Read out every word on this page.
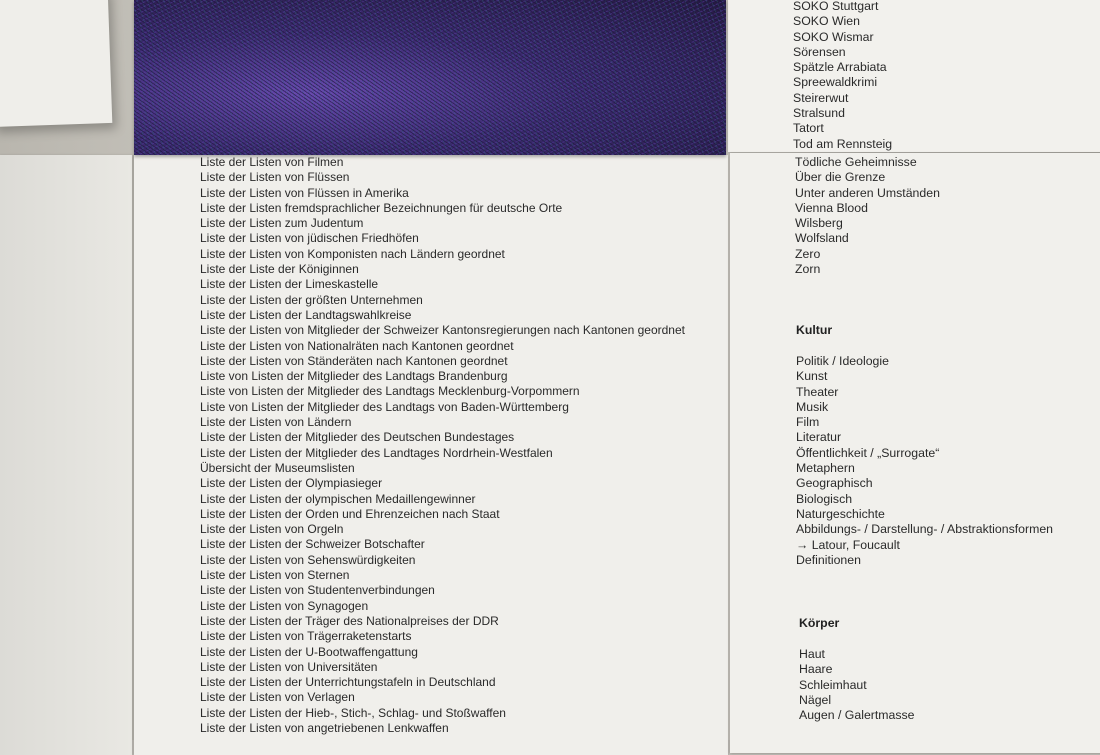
Liste der Listen von Filmen
Liste der Listen von Flüssen
Liste der Listen von Flüssen in Amerika
Liste der Listen fremdsprachlicher Bezeichnungen für deutsche Orte
Liste der Listen zum Judentum
Liste der Listen von jüdischen Friedhöfen
Liste der Listen von Komponisten nach Ländern geordnet
Liste der Liste der Königinnen
Liste der Listen der Limeskastelle
Liste der Listen der größten Unternehmen
Liste der Listen der Landtagswahlkreise
Liste der Listen von Mitglieder der Schweizer Kantonsregierungen nach Kantonen geordnet
Liste der Listen von Nationalräten nach Kantonen geordnet
Liste der Listen von Ständeräten nach Kantonen geordnet
Liste von Listen der Mitglieder des Landtags Brandenburg
Liste von Listen der Mitglieder des Landtags Mecklenburg-Vorpommern
Liste von Listen der Mitglieder des Landtags von Baden-Württemberg
Liste der Listen von Ländern
Liste der Listen der Mitglieder des Deutschen Bundestages
Liste der Listen der Mitglieder des Landtages Nordrhein-Westfalen
Übersicht der Museumslisten
Liste der Listen der Olympiasieger
Liste der Listen der olympischen Medaillengewinner
Liste der Listen der Orden und Ehrenzeichen nach Staat
Liste der Listen von Orgeln
Liste der Listen der Schweizer Botschafter
Liste der Listen von Sehenswürdigkeiten
Liste der Listen von Sternen
Liste der Listen von Studentenverbindungen
Liste der Listen von Synagogen
Liste der Listen der Träger des Nationalpreises der DDR
Liste der Listen von Trägerraketenstarts
Liste der Listen der U-Bootwaffengattung
Liste der Listen von Universitäten
Liste der Listen der Unterrichtungstafeln in Deutschland
Liste der Listen von Verlagen
Liste der Listen der Hieb-, Stich-, Schlag- und Stoßwaffen
Liste der Listen von angetriebenen Lenkwaffen
SOKO Stuttgart
SOKO Wien
SOKO Wismar
Sörensen
Spätzle Arrabiata
Spreewaldkrimi
Steirerwut
Stralsund
Tatort
Tod am Rennsteig
Tödliche Geheimnisse
Über die Grenze
Unter anderen Umständen
Vienna Blood
Wilsberg
Wolfsland
Zero
Zorn
Kultur
Politik / Ideologie
Kunst
Theater
Musik
Film
Literatur
Öffentlichkeit / „Surrogate“
Metaphern
Geographisch
Biologisch
Naturgeschichte
Abbildungs- / Darstellung- / Abstraktionsformen
→ Latour, Foucault
Definitionen
Körper
Haut
Haare
Schleimhaut
Nägel
Augen / Galertmasse
